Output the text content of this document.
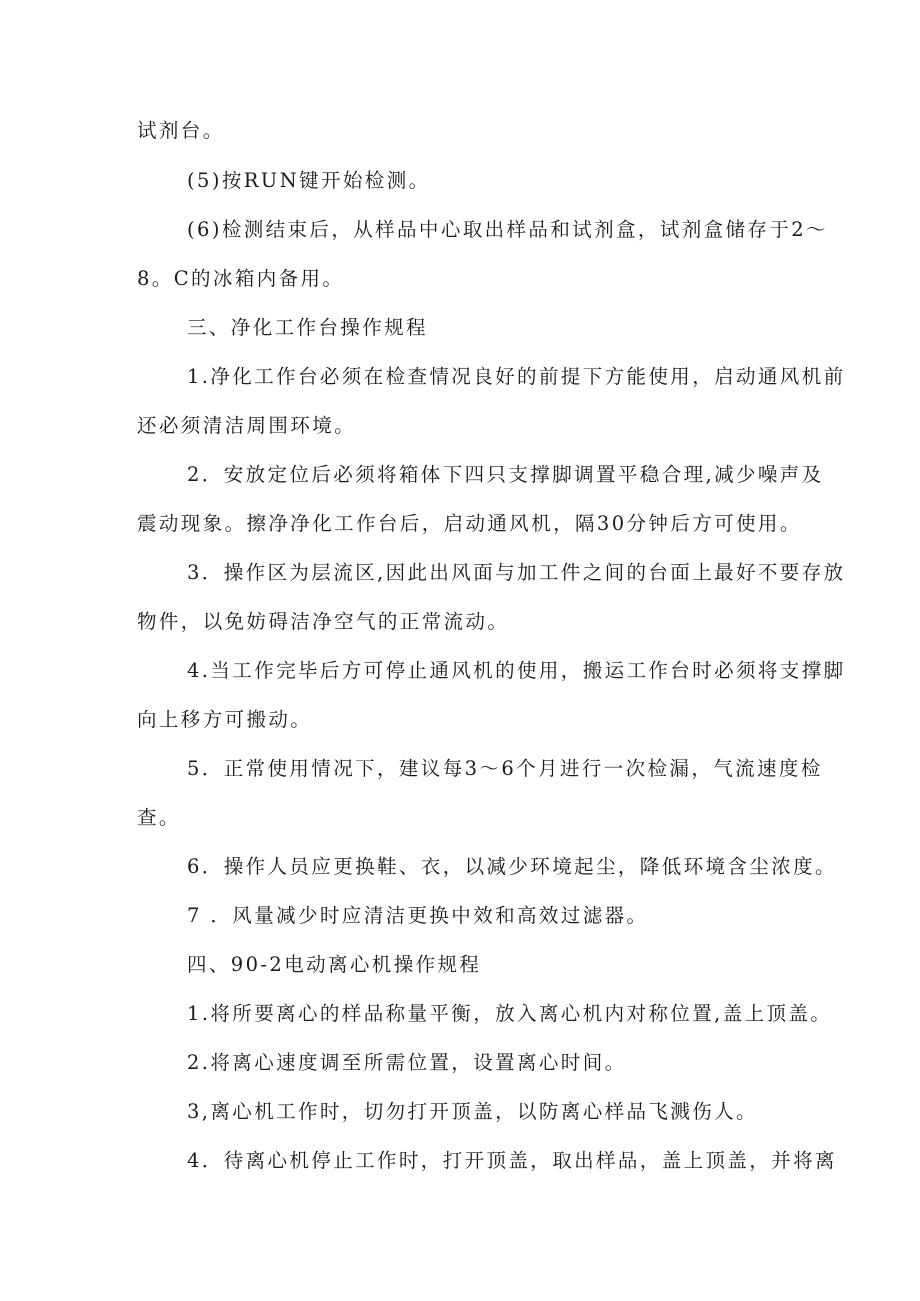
试剂台。
(5)按RUN键开始检测。
(6)检测结束后，从样品中心取出样品和试剂盒，试剂盒储存于2～
8。C的冰箱内备用。
三、净化工作台操作规程
1.净化工作台必须在检查情况良好的前提下方能使用，启动通风机前
还必须清洁周围环境。
2．安放定位后必须将箱体下四只支撑脚调置平稳合理,减少噪声及
震动现象。擦净净化工作台后，启动通风机，隔30分钟后方可使用。
3．操作区为层流区,因此出风面与加工件之间的台面上最好不要存放
物件，以免妨碍洁净空气的正常流动。
4.当工作完毕后方可停止通风机的使用，搬运工作台时必须将支撑脚
向上移方可搬动。
5．正常使用情况下，建议每3～6个月进行一次检漏，气流速度检
查。
6．操作人员应更换鞋、衣，以减少环境起尘，降低环境含尘浓度。
7 ．风量减少时应清洁更换中效和高效过滤器。
四、90-2电动离心机操作规程
1.将所要离心的样品称量平衡，放入离心机内对称位置,盖上顶盖。
2.将离心速度调至所需位置，设置离心时间。
3,离心机工作时，切勿打开顶盖，以防离心样品飞溅伤人。
4．待离心机停止工作时，打开顶盖，取出样品，盖上顶盖，并将离
